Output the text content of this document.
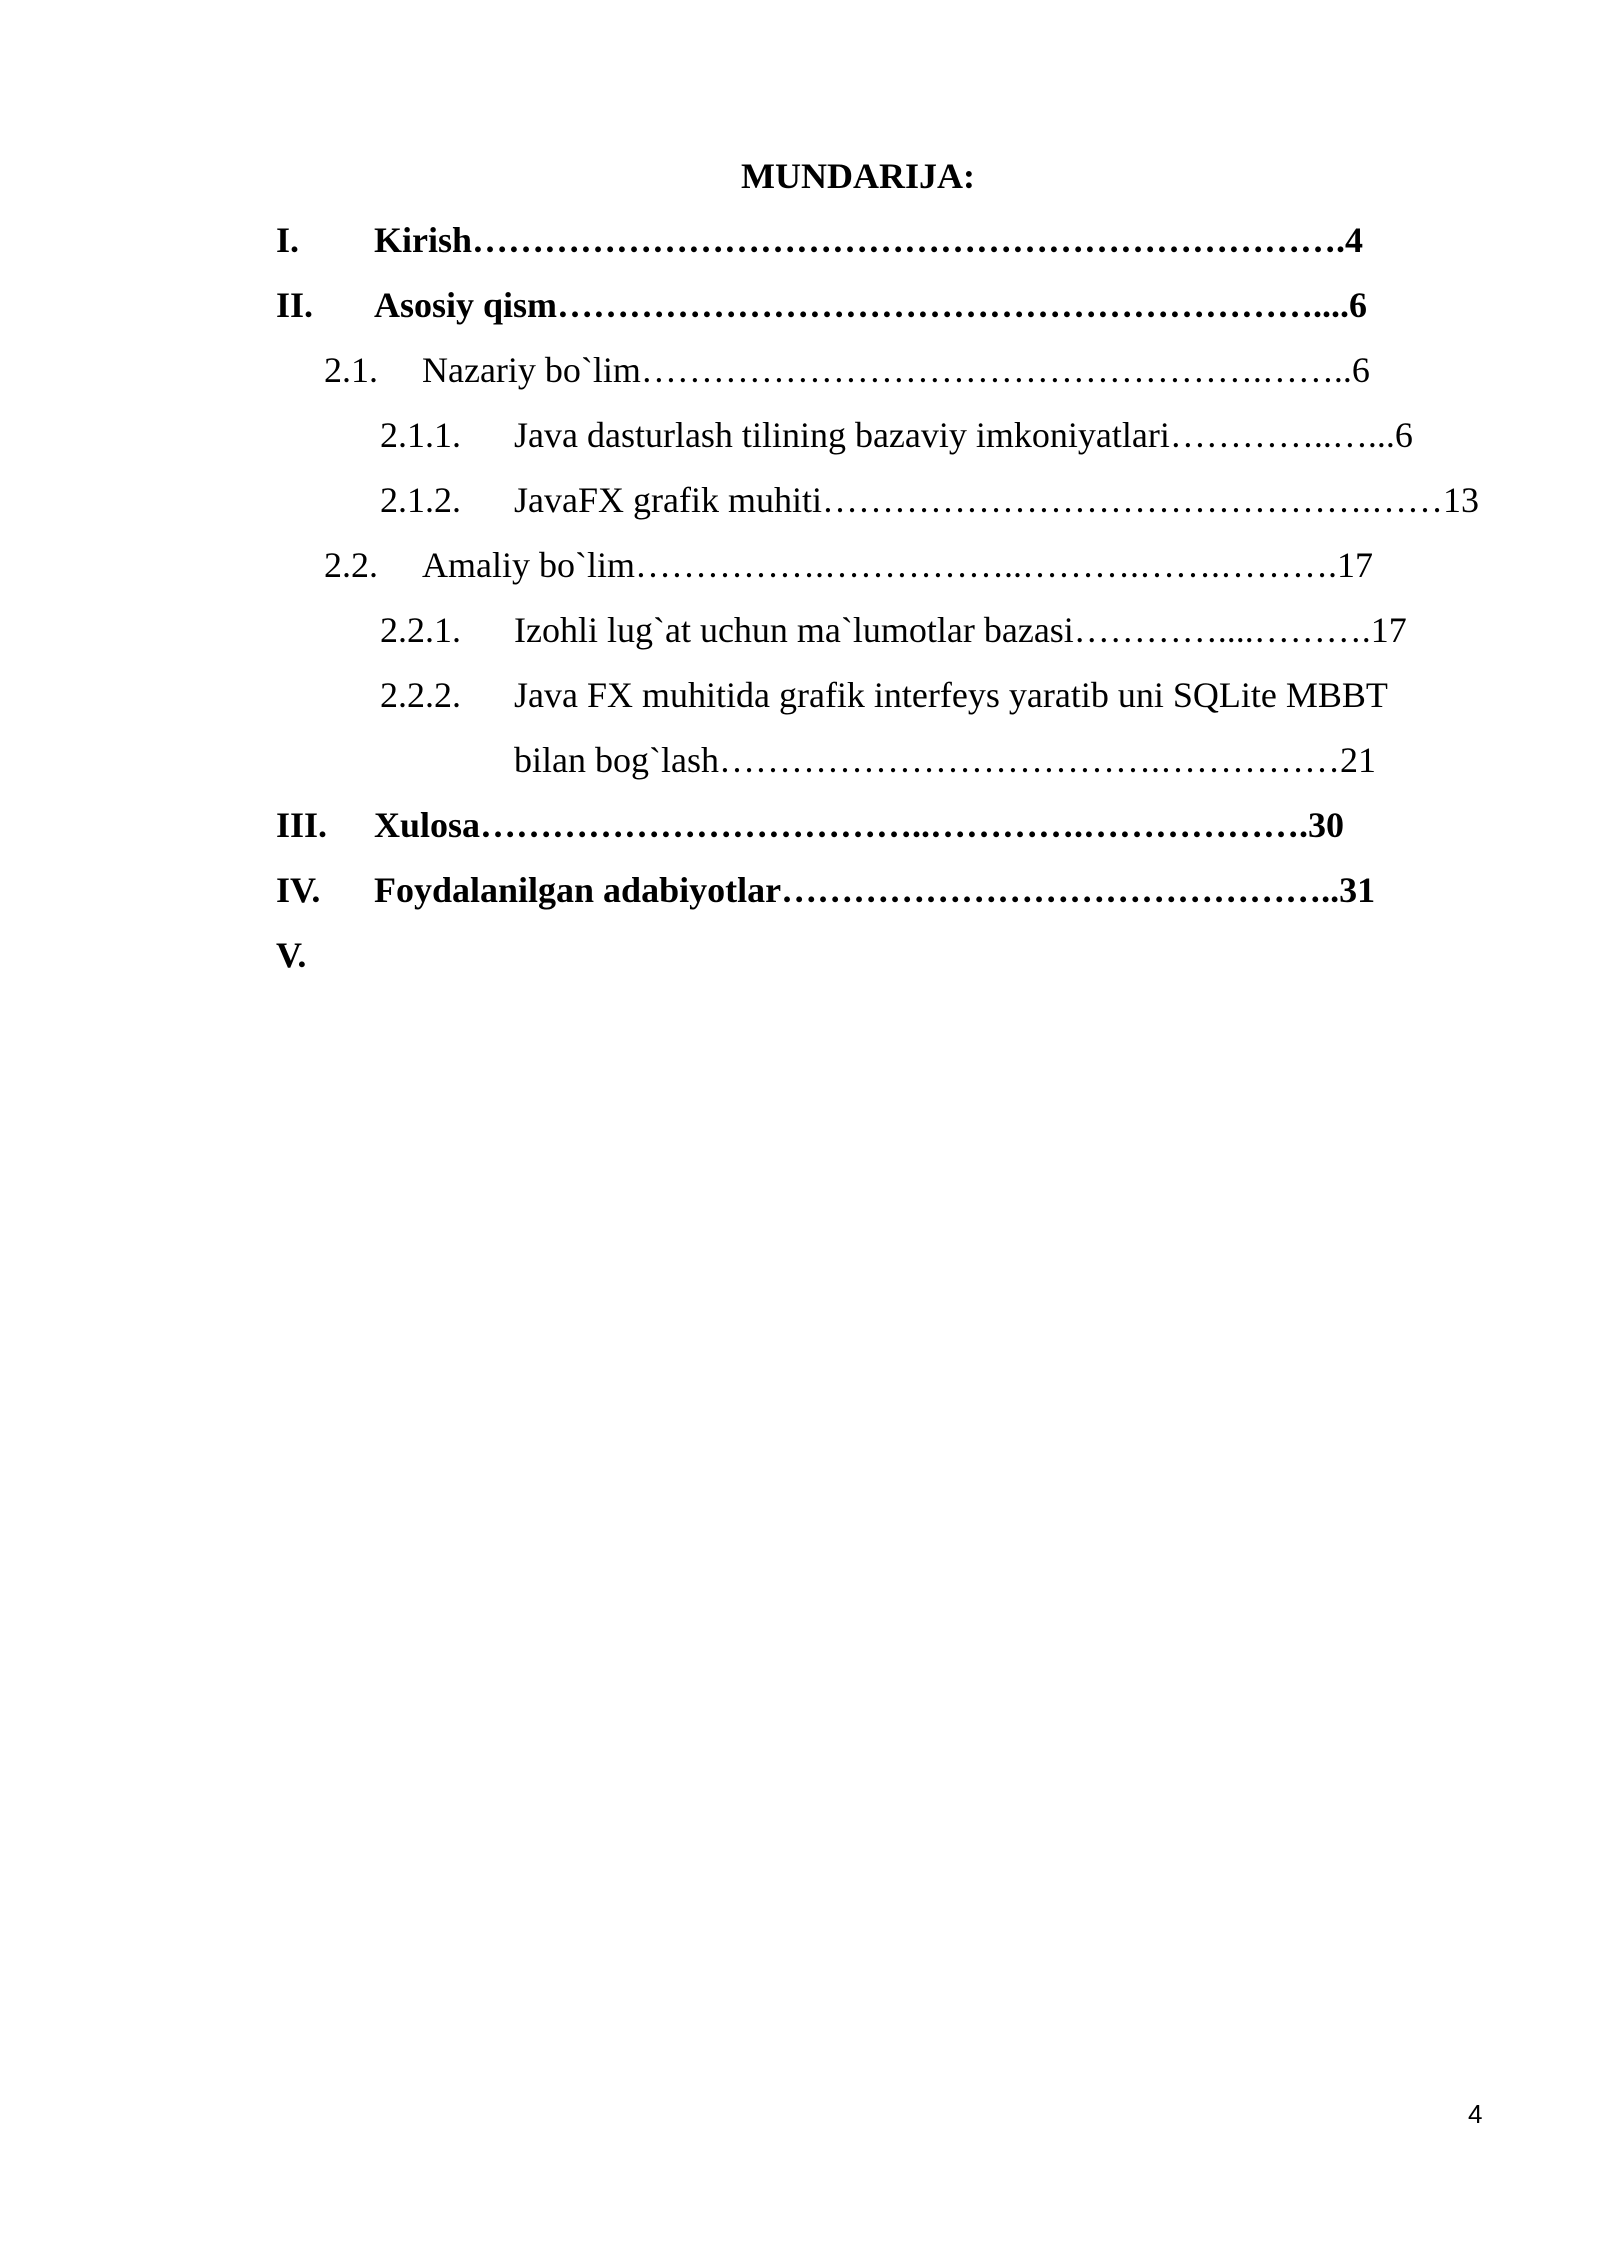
MUNDARIJA:
I. Kirish……………………………………………………………….4
II. Asosiy qism………………………………………………………....6
2.1. Nazariy bo`lim…………………………………………….……..6
2.1.1. Java dasturlash tilining bazaviy imkoniyatlari…………..…...6
2.1.2. JavaFX grafik muhiti……………………………………….……13
2.2. Amaliy bo`lim…………….……………..……….…….……….17
2.2.1. Izohli lug`at uchun ma`lumotlar bazasi…………....……….17
2.2.2. Java FX muhitida grafik interfeys yaratib uni SQLite MBBT
bilan bog`lash……………………………….……………21
III. Xulosa………………………………..………….……………….30
IV. Foydalanilgan adabiyotlar………………………………………..31
V.
4
